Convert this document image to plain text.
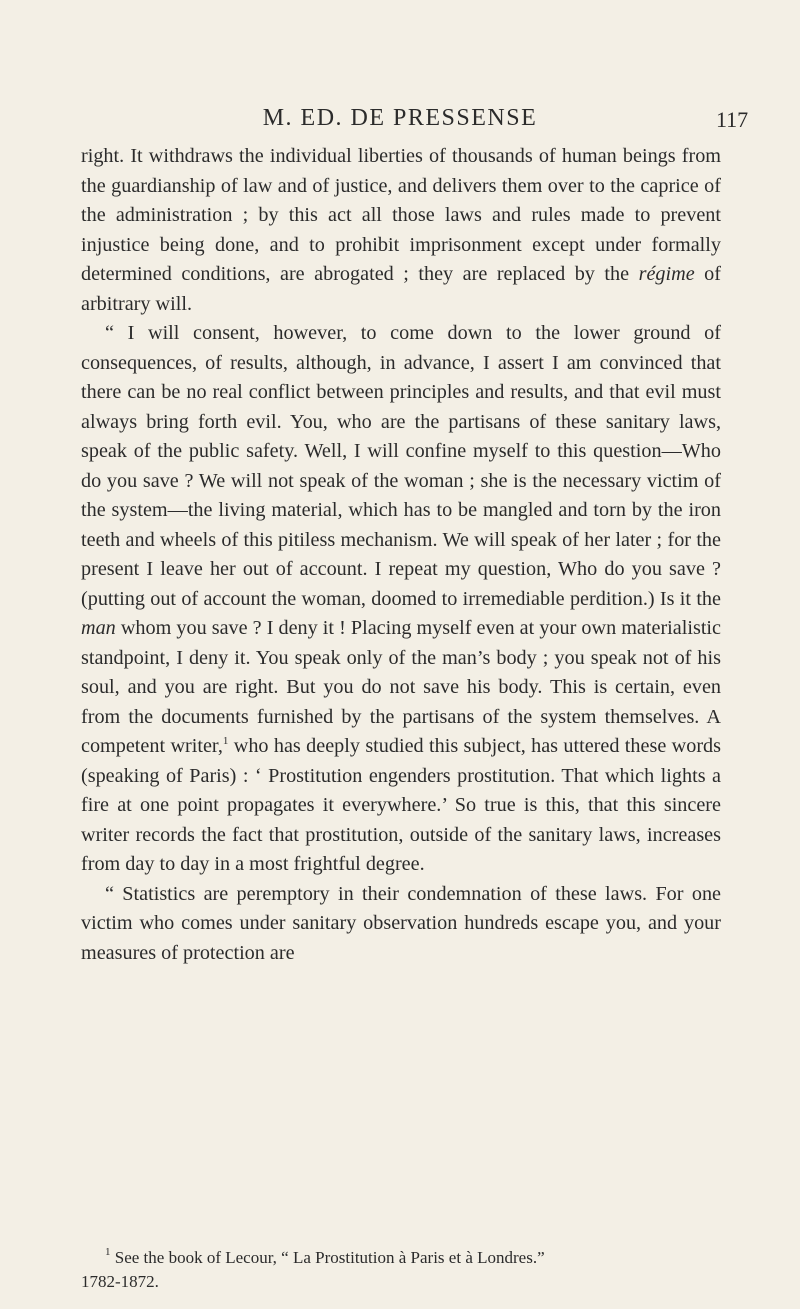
M. ED. DE PRESSENSE	117

right. It withdraws the individual liberties of thousands of human beings from the guardianship of law and of justice, and delivers them over to the caprice of the administration ; by this act all those laws and rules made to prevent injustice being done, and to prohibit imprisonment except under formally determined conditions, are abrogated ; they are replaced by the régime of arbitrary will.

“ I will consent, however, to come down to the lower ground of consequences, of results, although, in advance, I assert I am convinced that there can be no real conflict between principles and results, and that evil must always bring forth evil. You, who are the partisans of these sanitary laws, speak of the public safety. Well, I will confine myself to this question—Who do you save ? We will not speak of the woman ; she is the necessary victim of the system—the living material, which has to be mangled and torn by the iron teeth and wheels of this pitiless mechanism. We will speak of her later ; for the present I leave her out of account. I repeat my question, Who do you save ? (putting out of account the woman, doomed to irremediable perdition.) Is it the man whom you save ? I deny it ! Placing myself even at your own materialistic standpoint, I deny it. You speak only of the man’s body ; you speak not of his soul, and you are right. But you do not save his body. This is certain, even from the documents furnished by the partisans of the system themselves. A competent writer,$^1$ who has deeply studied this subject, has uttered these words (speaking of Paris) : ‘ Prostitution engenders prostitution. That which lights a fire at one point propagates it everywhere.’ So true is this, that this sincere writer records the fact that prostitution, outside of the sanitary laws, increases from day to day in a most frightful degree.

“ Statistics are peremptory in their condemnation of these laws. For one victim who comes under sanitary observation hundreds escape you, and your measures of protection are

$^1$ See the book of Lecour, “ La Prostitution à Paris et à Londres.”

1782-1872.
